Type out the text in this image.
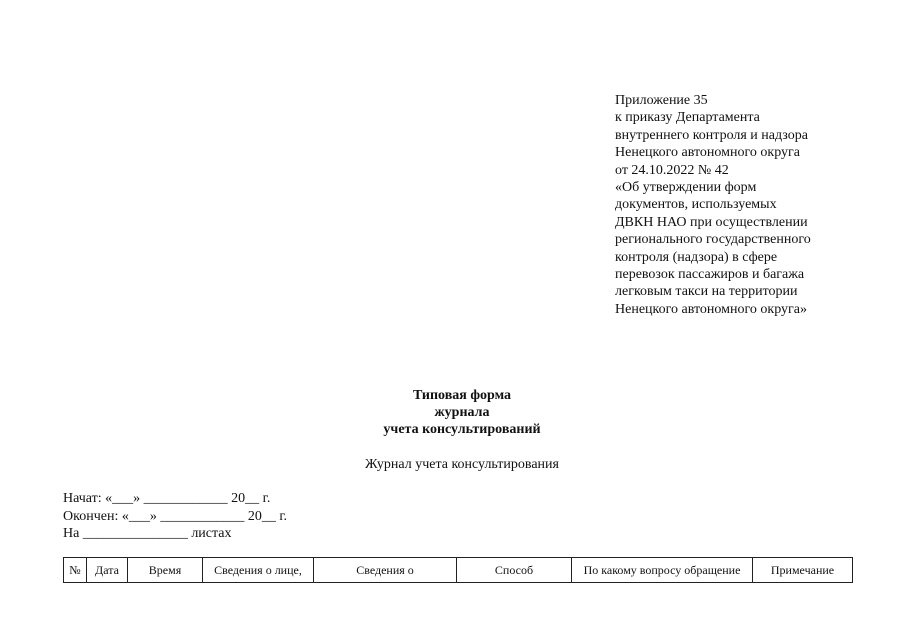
Приложение 35
к приказу Департамента
внутреннего контроля и надзора
Ненецкого автономного округа
от 24.10.2022 № 42
«Об утверждении форм
документов, используемых
ДВКН НАО при осуществлении
регионального государственного
контроля (надзора) в сфере
перевозок пассажиров и багажа
легковым такси на территории
Ненецкого автономного округа»
Типовая форма
журнала
учета консультирований
Журнал учета консультирования
Начат: «___» ____________ 20__ г.
Окончен: «___» ____________ 20__ г.
На _______________ листах
№	Дата	Время	Сведения о лице,	Сведения о	Способ	По какому вопросу обращение	Примечание
